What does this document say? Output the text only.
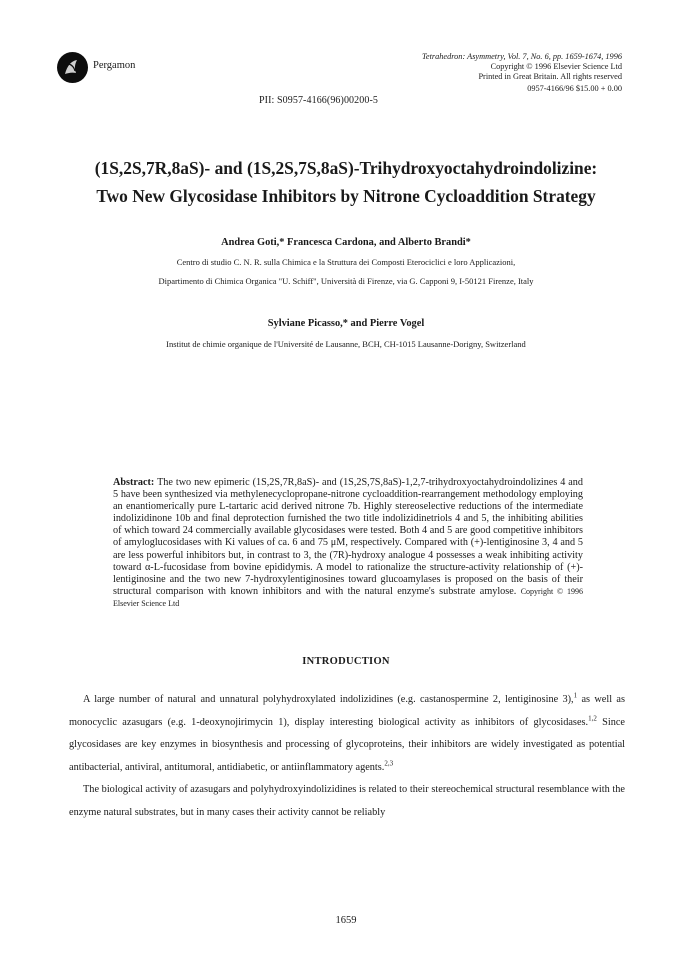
Pergamon
Tetrahedron: Asymmetry, Vol. 7, No. 6, pp. 1659-1674, 1996
Copyright © 1996 Elsevier Science Ltd
Printed in Great Britain. All rights reserved
0957-4166/96 $15.00 + 0.00
PII: S0957-4166(96)00200-5
(1S,2S,7R,8aS)- and (1S,2S,7S,8aS)-Trihydroxyoctahydroindolizine:
Two New Glycosidase Inhibitors by Nitrone Cycloaddition Strategy
Andrea Goti,* Francesca Cardona, and Alberto Brandi*
Centro di studio C. N. R. sulla Chimica e la Struttura dei Composti Eterociclici e loro Applicazioni,
Dipartimento di Chimica Organica "U. Schiff", Università di Firenze, via G. Capponi 9, I-50121 Firenze, Italy
Sylviane Picasso,* and Pierre Vogel
Institut de chimie organique de l'Université de Lausanne, BCH, CH-1015 Lausanne-Dorigny, Switzerland
Abstract: The two new epimeric (1S,2S,7R,8aS)- and (1S,2S,7S,8aS)-1,2,7-trihydroxyoctahydroindolizines 4 and 5 have been synthesized via methylenecyclopropane-nitrone cycloaddition-rearrangement methodology employing an enantiomerically pure L-tartaric acid derived nitrone 7b. Highly stereoselective reductions of the intermediate indolizidinone 10b and final deprotection furnished the two title indolizidinetriols 4 and 5, the inhibiting abilities of which toward 24 commercially available glycosidases were tested. Both 4 and 5 are good competitive inhibitors of amyloglucosidases with Ki values of ca. 6 and 75 μM, respectively. Compared with (+)-lentiginosine 3, 4 and 5 are less powerful inhibitors but, in contrast to 3, the (7R)-hydroxy analogue 4 possesses a weak inhibiting activity toward α-L-fucosidase from bovine epididymis. A model to rationalize the structure-activity relationship of (+)-lentiginosine and the two new 7-hydroxylentiginosines toward glucoamylases is proposed on the basis of their structural comparison with known inhibitors and with the natural enzyme's substrate amylose. Copyright © 1996 Elsevier Science Ltd
INTRODUCTION

A large number of natural and unnatural polyhydroxylated indolizidines (e.g. castanospermine 2, lentiginosine 3),$^1$ as well as monocyclic azasugars (e.g. 1-deoxynojirimycin 1), display interesting biological activity as inhibitors of glycosidases.$^{1,2}$ Since glycosidases are key enzymes in biosynthesis and processing of glycoproteins, their inhibitors are widely investigated as potential antibacterial, antiviral, antitumoral, antidiabetic, or antiinflammatory agents.$^{2,3}$

The biological activity of azasugars and polyhydroxyindolizidines is related to their stereochemical structural resemblance with the enzyme natural substrates, but in many cases their activity cannot be reliably

1659
